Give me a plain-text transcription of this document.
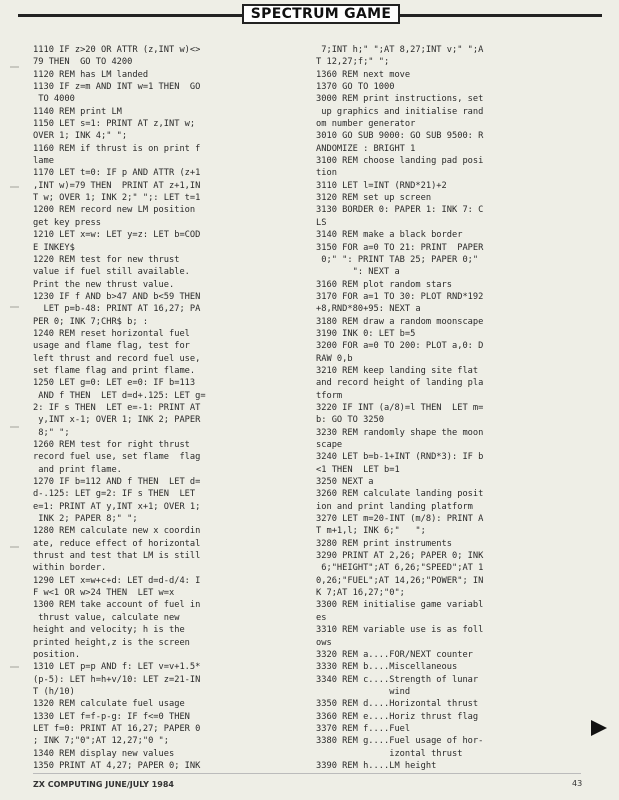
SPECTRUM GAME
1110 IF z>20 OR ATTR (z,INT w)<>
79 THEN  GO TO 4200
1120 REM has LM landed
1130 IF z=m AND INT w=1 THEN  GO
TO 4000
1140 REM print LM
1150 LET s=1: PRINT AT z,INT w;
OVER 1; INK 4;" ";
1160 REM if thrust is on print f
lame
1170 LET t=0: IF p AND ATTR (z+1
,INT w)=79 THEN  PRINT AT z+1,IN
T w; OVER 1; INK 2;" ";: LET t=1
1200 REM record new LM position
get key press
1210 LET x=w: LET y=z: LET b=COD
E INKEY$
1220 REM test for new thrust
value if fuel still available.
Print the new thrust value.
1230 IF f AND b>47 AND b<59 THEN
LET p=b-48: PRINT AT 16,27; PA
PER 0; INK 7;CHR$ b; :
1240 REM reset horizontal fuel
usage and flame flag, test for
left thrust and record fuel use,
set flame flag and print flame.
1250 LET g=0: LET e=0: IF b=113
AND f THEN  LET d=d+.125: LET g=
2: IF s THEN  LET e=-1: PRINT AT
y,INT x-1; OVER 1; INK 2; PAPER
8;" ";
1260 REM test for right thrust
record fuel use, set flame  flag
and print flame.
1270 IF b=112 AND f THEN  LET d=
d-.125: LET g=2: IF s THEN  LET
e=1: PRINT AT y,INT x+1; OVER 1;
INK 2; PAPER 8;" ";
1280 REM calculate new x coordin
ate, reduce effect of horizontal
thrust and test that LM is still
within border.
1290 LET x=w+c+d: LET d=d-d/4: I
F w<1 OR w>24 THEN  LET w=x
1300 REM take account of fuel in
thrust value, calculate new
height and velocity; h is the
printed height,z is the screen
position.
1310 LET p=p AND f: LET v=v+1.5*
(p-5): LET h=h+v/10: LET z=21-IN
T (h/10)
1320 REM calculate fuel usage
1330 LET f=f-p-g: IF f<=0 THEN
LET f=0: PRINT AT 16,27; PAPER 0
; INK 7;"0";AT 12,27;"0 ";
1340 REM display new values
1350 PRINT AT 4,27; PAPER 0; INK
7;INT h;" ";AT 8,27;INT v;" ";A
T 12,27;f;" ";
1360 REM next move
1370 GO TO 1000
3000 REM print instructions, set
up graphics and initialise rand
om number generator
3010 GO SUB 9000: GO SUB 9500: R
ANDOMIZE : BRIGHT 1
3100 REM choose landing pad posi
tion
3110 LET l=INT (RND*21)+2
3120 REM set up screen
3130 BORDER 0: PAPER 1: INK 7: C
LS
3140 REM make a black border
3150 FOR a=0 TO 21: PRINT  PAPER
0;" ": PRINT TAB 25; PAPER 0;"
": NEXT a
3160 REM plot random stars
3170 FOR a=1 TO 30: PLOT RND*192
+8,RND*80+95: NEXT a
3180 REM draw a random moonscape
3190 INK 0: LET b=5
3200 FOR a=0 TO 200: PLOT a,0: D
RAW 0,b
3210 REM keep landing site flat
and record height of landing pla
tform
3220 IF INT (a/8)=l THEN  LET m=
b: GO TO 3250
3230 REM randomly shape the moon
scape
3240 LET b=b-1+INT (RND*3): IF b
<1 THEN  LET b=1
3250 NEXT a
3260 REM calculate landing posit
ion and print landing platform
3270 LET m=20-INT (m/8): PRINT A
T m+1,l; INK 6;"   ";
3280 REM print instruments
3290 PRINT AT 2,26; PAPER 0; INK
6;"HEIGHT";AT 6,26;"SPEED";AT 1
0,26;"FUEL";AT 14,26;"POWER"; IN
K 7;AT 16,27;"0";
3300 REM initialise game variabl
es
3310 REM variable use is as foll
ows
3320 REM a....FOR/NEXT counter
3330 REM b....Miscellaneous
3340 REM c....Strength of lunar
wind
3350 REM d....Horizontal thrust
3360 REM e....Horiz thrust flag
3370 REM f....Fuel
3380 REM g....Fuel usage of hor-
izontal thrust
3390 REM h....LM height
ZX COMPUTING JUNE/JULY 1984	43
